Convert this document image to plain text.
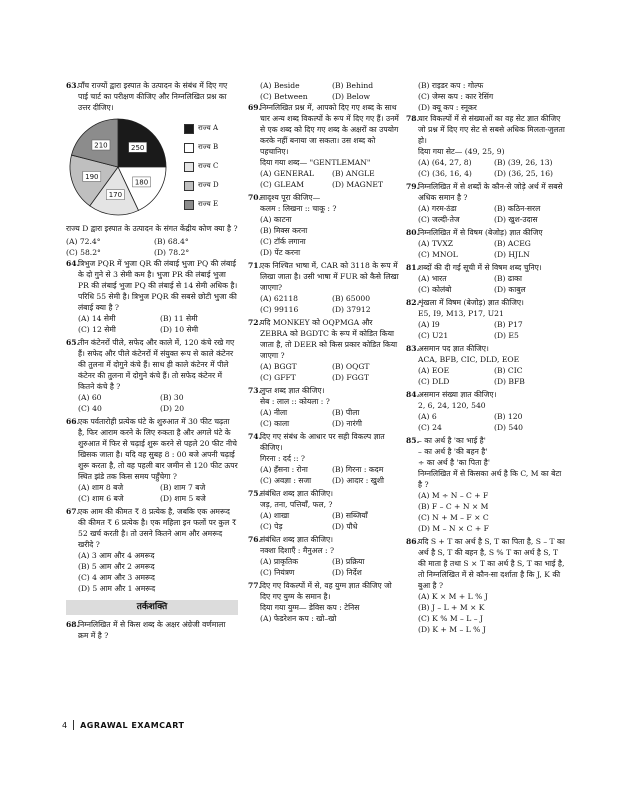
63.
पाँच राज्यों द्वारा इस्पात के उत्पादन के संबंध में दिए गए पाई चार्ट का परीक्षण कीजिए और निम्नलिखित प्रश्न का उत्तर दीजिए।
250
180
170
190
210
राज्य A
राज्य B
राज्य C
राज्य D
राज्य E
राज्य D द्वारा इस्पात के उत्पादन के संगत केंद्रीय कोण क्या है ?
(A) 72.4°	(B) 68.4°
(C) 58.2°	(D) 78.2°
64.
त्रिभुज PQR में भुजा QR की लंबाई भुजा PQ की लंबाई के दो गुने से 3 सेमी कम है। भुजा PR की लंबाई भुजा PR की लंबाई भुजा PQ की लंबाई से 14 सेमी अधिक है। परिधि 55 सेमी है। त्रिभुज PQR की सबसे छोटी भुजा की लंबाई क्या है ?
(A) 14 सेमी	(B) 11 सेमी
(C) 12 सेमी	(D) 10 सेमी
65.
तीन कंटेनरों पीले, सफेद और काले में, 120 कंचे रखे गए हैं। सफेद और पीले कंटेनरों में संयुक्त रूप से काले कंटेनर की तुलना में दोगुने कंचे हैं। साथ ही काले कंटेनर में पीले कंटेनर की तुलना में दोगुने कंचे हैं। तो सफेद कंटेनर में कितने कंचे है ?
(A) 60	(B) 30
(C) 40	(D) 20
66.
एक पर्वतारोही प्रत्येक घंटे के शुरुआत में 30 फीट चढ़ता है, फिर आराम करने के लिए रुकता है और अगले घंटे के शुरुआत में फिर से चढ़ाई शुरू करने से पहले 20 फीट नीचे खिसक जाता है। यदि वह सुबह 8 : 00 बजे अपनी चढ़ाई शुरू करता है, तो वह पहली बार जमीन से 120 फीट ऊपर स्थित झंडे तक किस समय पहुँचेगा ?
(A) शाम 8 बजे	(B) शाम 7 बजे
(C) शाम 6 बजे	(D) शाम 5 बजे
67.
एक आम की कीमत ₹ 8 प्रत्येक है, जबकि एक अमरूद की कीमत ₹ 6 प्रत्येक है। एक महिला इन फलों पर कुल ₹ 52 खर्च करती है। तो उसने कितने आम और अमरूद खरीदे ?
(A) 3 आम और 4 अमरूद
(B) 5 आम और 2 अमरूद
(C) 4 आम और 3 अमरूद
(D) 5 आम और 1 अमरूद
तर्कशक्ति
68.
निम्नलिखित में से किस शब्द के अक्षर अंग्रेजी वर्णमाला क्रम में है ?
(A) Beside	(B) Behind
(C) Between	(D) Below
69.
निम्नलिखित प्रश्न में, आपको दिए गए शब्द के साथ चार अन्य शब्द विकल्पों के रूप में दिए गए हैं। उनमें से एक शब्द को दिए गए शब्द के अक्षरों का उपयोग करके नहीं बनाया जा सकता। उस शब्द को पहचानिए।
दिया गया शब्द— "GENTLEMAN"
(A) GENERAL	(B) ANGLE
(C) GLEAM	(D) MAGNET
70.
सादृश्य पूरा कीजिए—
कलम : लिखना :: चाकू : ?
(A) काटना
(B) मिक्स करना
(C) टॉर्क लगाना
(D) पेंट करना
71.
एक निश्चित भाषा में, CAR को 3118 के रूप में लिखा जाता है। उसी भाषा में FUR को कैसे लिखा जाएगा?
(A) 62118	(B) 65000
(C) 99116	(D) 37912
72.
यदि MONKEY को OQPMGA और ZEBRA को BGDTC के रूप में कोडित किया जाता है, तो DEER को किस प्रकार कोडित किया जाएगा ?
(A) BGGT	(B) OQGT
(C) GFFT	(D) FGGT
73.
लुप्त शब्द ज्ञात कीजिए।
सेब : लाल :: कोयला : ?
(A) नीला	(B) पीला
(C) काला	(D) नारंगी
74.
दिए गए संबंध के आधार पर सही विकल्प ज्ञात कीजिए।
गिरना : दर्द :: ?
(A) हँसना : रोना	(B) गिरना : कदम
(C) अवज्ञा : सजा	(D) आदार : खुशी
75.
संबंधित शब्द ज्ञात कीजिए।
जड़, तना, पत्तियाँ, फल, ?
(A) शाखा	(B) सब्जियाँ
(C) पेड़	(D) पौधे
76.
संबंधित शब्द ज्ञात कीजिए।
नक्शा दिशाएँ : मैनुअल : ?
(A) प्राकृतिक	(B) प्रक्रिया
(C) नियंत्रण	(D) निर्देश
77.
दिए गए विकल्पों में से, वह युग्म ज्ञात कीजिए जो दिए गए युग्म के समान है।
दिया गया युग्म— डेविस कप : टेनिस
(A) फेडरेशन कप : खो–खो
(B) राइडर कप : गोल्फ
(C) जेम्स कप : कार रेसिंग
(D) क्यू कप : स्नूकर
78.
चार विकल्पों में से संख्याओं का वह सेट ज्ञात कीजिए जो प्रश्न में दिए गए सेट से सबसे अधिक मिलता-जुलता हो।
दिया गया सेट— (49, 25, 9)
(A) (64, 27, 8)	(B) (39, 26, 13)
(C) (36, 16, 4)	(D) (36, 25, 16)
79.
निम्नलिखित में से शब्दों के कौन-से जोड़े अर्थ में सबसे अधिक समान है ?
(A) गरम-ठंडा	(B) कठिन-सरल
(C) जल्दी-तेज	(D) खुश-उदास
80.
निम्नलिखित में से विषम (बेजोड़) ज्ञात कीजिए
(A) TVXZ	(B) ACEG
(C) MNOL	(D) HJLN
81.
शब्दों की दी गई सूची में से विषम शब्द चुनिए।
(A) भारत	(B) ढाका
(C) कोलंबो	(D) काबुल
82.
शृंखला में विषम (बेजोड़) ज्ञात कीजिए।
E5, I9, M13, P17, U21
(A) I9	(B) P17
(C) U21	(D) E5
83.
असमान पद ज्ञात कीजिए।
ACA, BFB, CIC, DLD, EOE
(A) EOE	(B) CIC
(C) DLD	(D) BFB
84.
असमान संख्या ज्ञात कीजिए।
2, 6, 24, 120, 540
(A) 6	(B) 120
(C) 24	(D) 540
85.
– का अर्थ है 'का भाई है'
– का अर्थ है 'की बहन है'
÷ का अर्थ है 'का पिता है'
निम्नलिखित में से किसका अर्थ है कि C, M का बेटा है ?
(A) M ÷ N – C + F
(B) F – C + N × M
(C) N + M – F × C
(D) M – N × C + F
86.
यदि S + T का अर्थ है S, T का पिता है, S – T का अर्थ है S, T की बहन है, S % T का अर्थ है S, T की माता है तथा S × T का अर्थ है S, T का भाई है, तो निम्नलिखित में से कौन-सा दर्शाता है कि J, K की बुआ है ?
(A) K × M + L % J
(B) J – L + M × K
(C) K % M – L – J
(D) K + M – L % J
4 AGRAWAL EXAMCART
